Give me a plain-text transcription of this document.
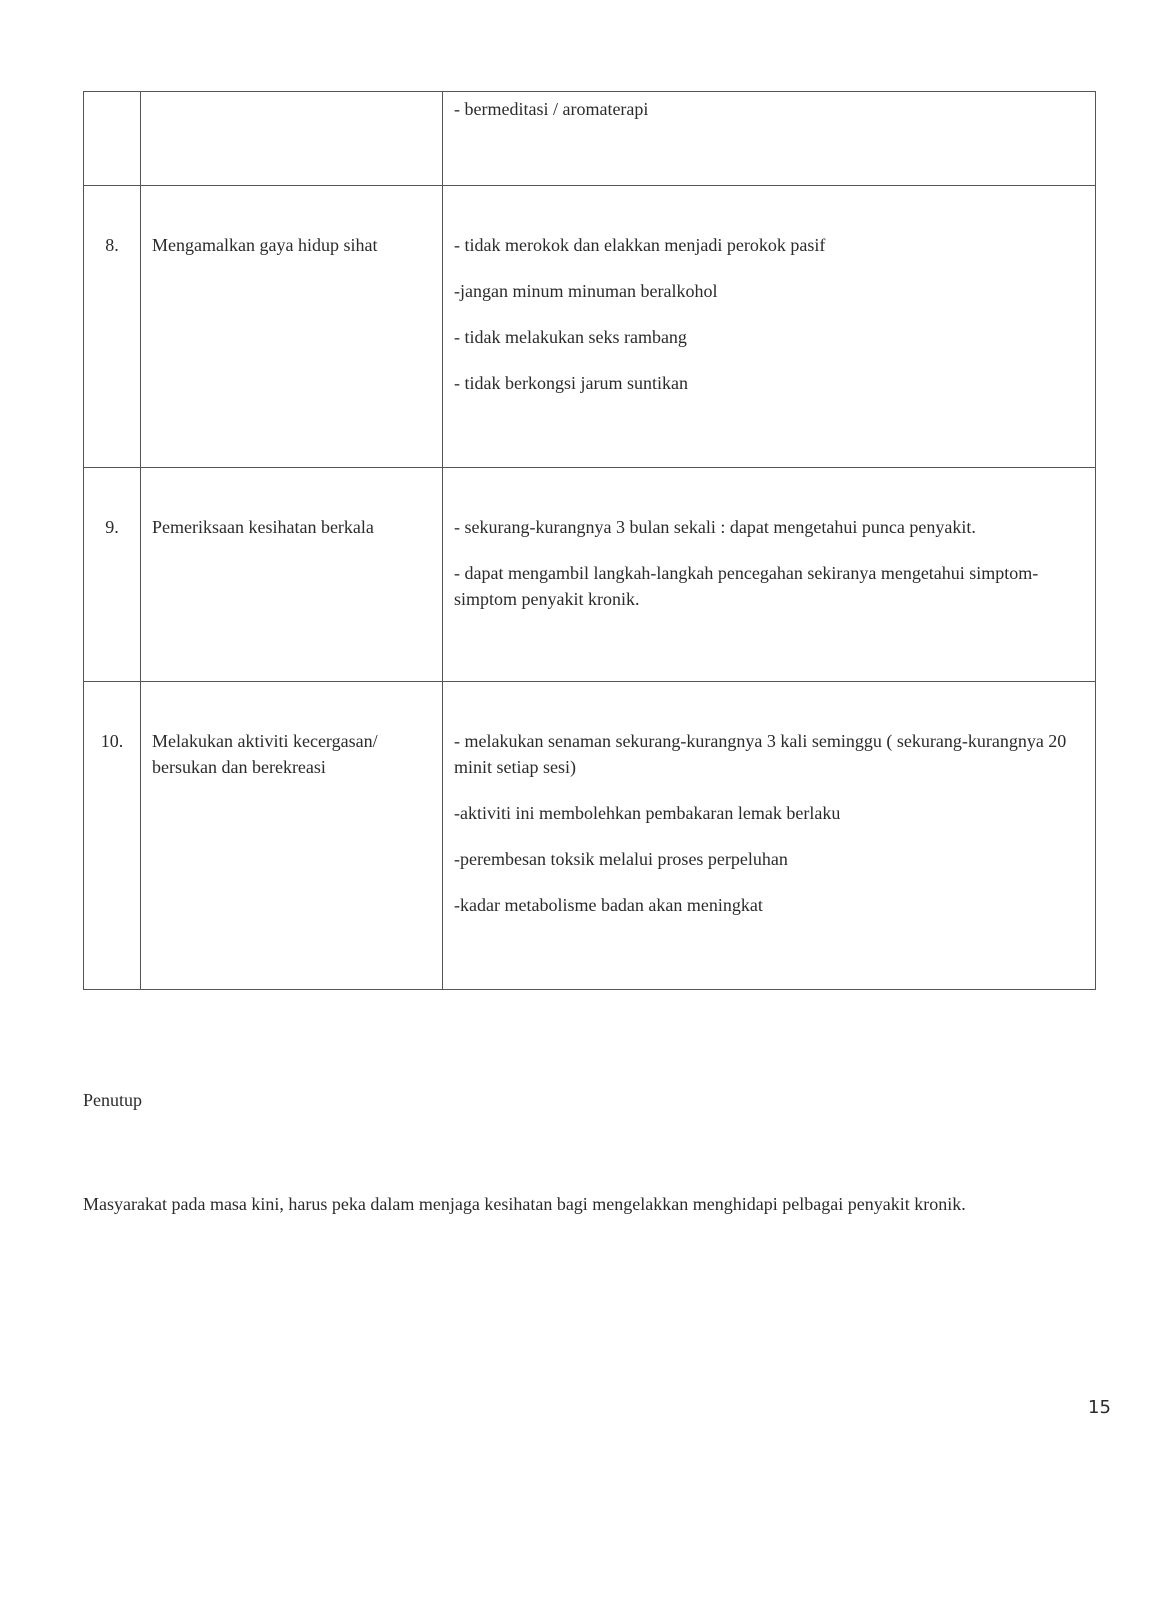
		- bermeditasi / aromaterapi

8.	Mengamalkan gaya hidup sihat	- tidak merokok dan elakkan menjadi perokok pasif

-jangan minum minuman beralkohol

- tidak melakukan seks rambang

- tidak berkongsi jarum suntikan

9.	Pemeriksaan kesihatan berkala	- sekurang-kurangnya 3 bulan sekali : dapat mengetahui punca penyakit.

- dapat mengambil langkah-langkah pencegahan sekiranya mengetahui simptom-simptom penyakit kronik.

10.	Melakukan aktiviti kecergasan/ bersukan dan berekreasi	- melakukan senaman sekurang-kurangnya 3 kali seminggu ( sekurang-kurangnya 20 minit setiap sesi)

-aktiviti ini membolehkan pembakaran lemak berlaku

-perembesan toksik melalui proses perpeluhan

-kadar metabolisme badan akan meningkat

Penutup

Masyarakat pada masa kini, harus peka dalam menjaga kesihatan bagi mengelakkan menghidapi pelbagai penyakit kronik.

15
